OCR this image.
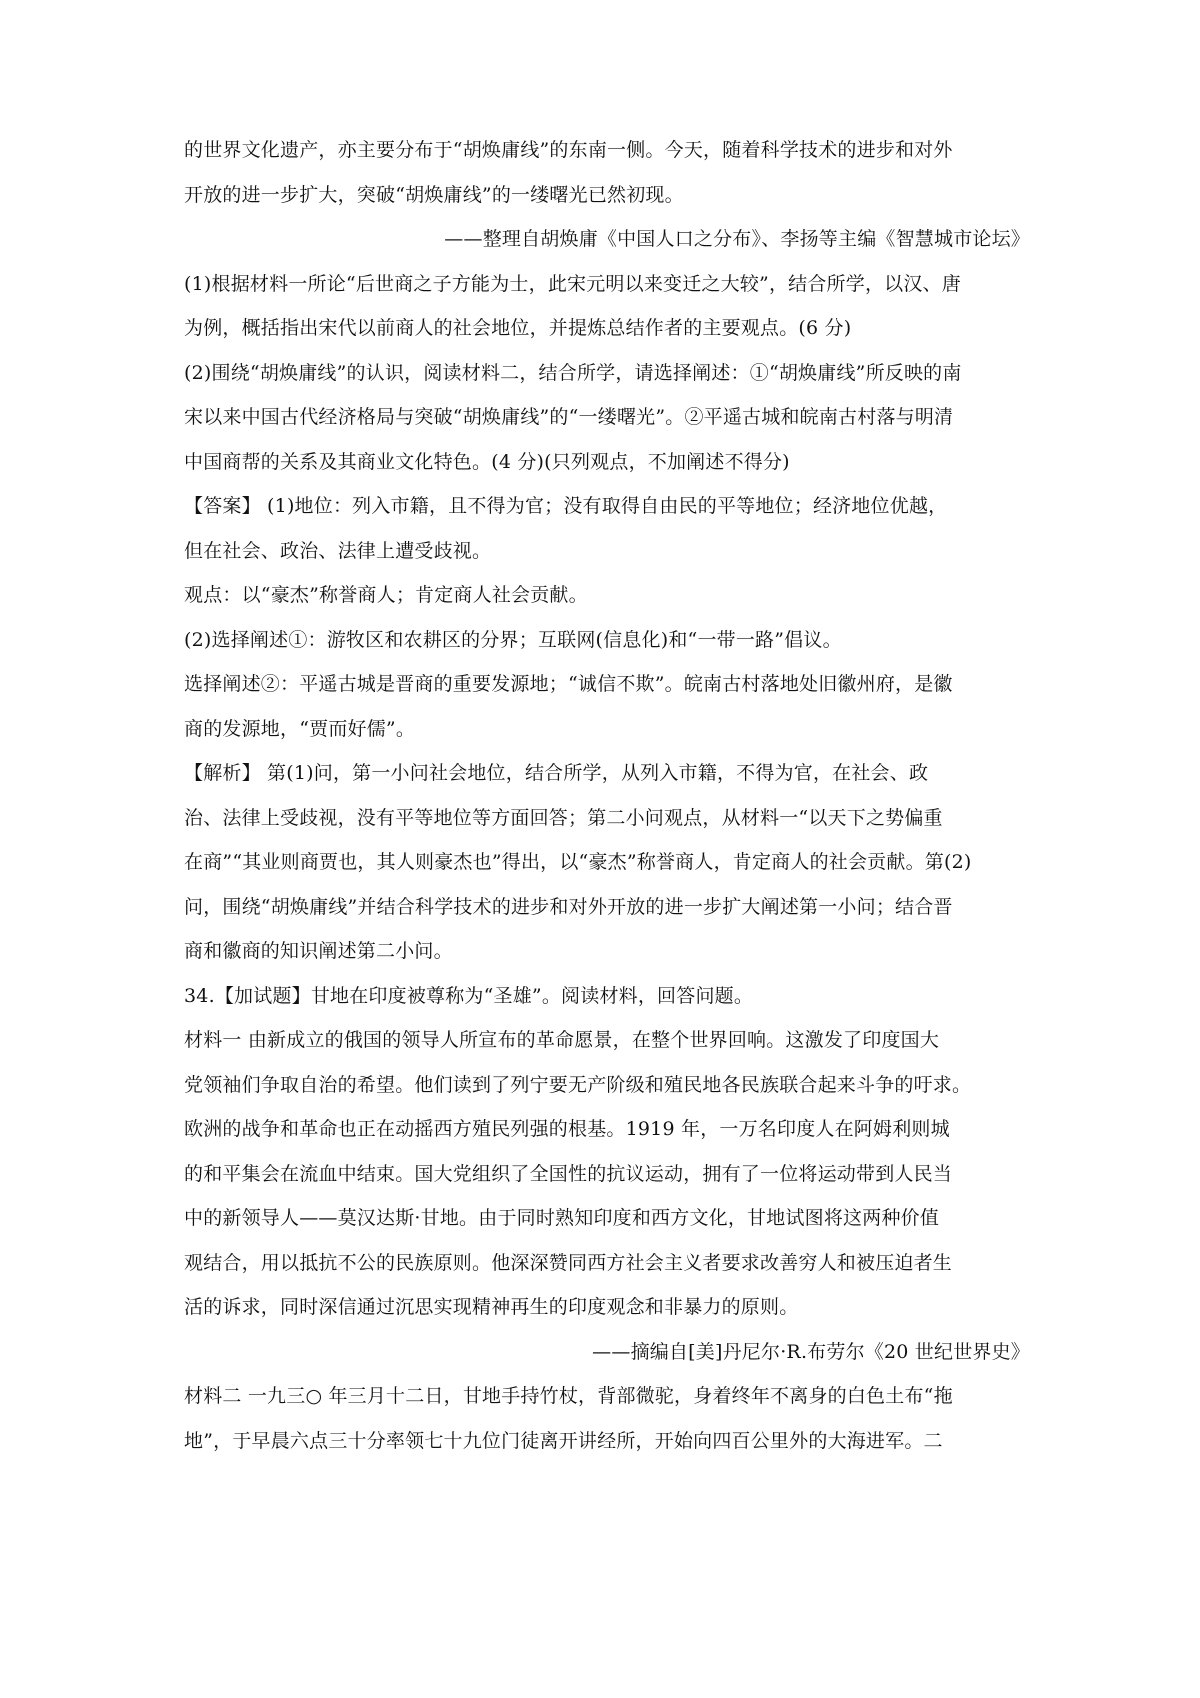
的世界文化遗产，亦主要分布于“胡焕庸线”的东南一侧。今天，随着科学技术的进步和对外
开放的进一步扩大，突破“胡焕庸线”的一缕曙光已然初现。
——整理自胡焕庸《中国人口之分布》、李扬等主编《智慧城市论坛》
(1)根据材料一所论“后世商之子方能为士，此宋元明以来变迁之大较”，结合所学，以汉、唐
为例，概括指出宋代以前商人的社会地位，并提炼总结作者的主要观点。(6 分)
(2)围绕“胡焕庸线”的认识，阅读材料二，结合所学，请选择阐述：①“胡焕庸线”所反映的南
宋以来中国古代经济格局与突破“胡焕庸线”的“一缕曙光”。②平遥古城和皖南古村落与明清
中国商帮的关系及其商业文化特色。(4 分)(只列观点，不加阐述不得分)
【答案】 (1)地位：列入市籍，且不得为官；没有取得自由民的平等地位；经济地位优越，
但在社会、政治、法律上遭受歧视。
观点：以“豪杰”称誉商人；肯定商人社会贡献。
(2)选择阐述①：游牧区和农耕区的分界；互联网(信息化)和“一带一路”倡议。
选择阐述②：平遥古城是晋商的重要发源地；“诚信不欺”。皖南古村落地处旧徽州府，是徽
商的发源地，“贾而好儒”。
【解析】 第(1)问，第一小问社会地位，结合所学，从列入市籍，不得为官，在社会、政
治、法律上受歧视，没有平等地位等方面回答；第二小问观点，从材料一“以天下之势偏重
在商”“其业则商贾也，其人则豪杰也”得出，以“豪杰”称誉商人，肯定商人的社会贡献。第(2)
问，围绕“胡焕庸线”并结合科学技术的进步和对外开放的进一步扩大阐述第一小问；结合晋
商和徽商的知识阐述第二小问。
34.【加试题】甘地在印度被尊称为“圣雄”。阅读材料，回答问题。
材料一 由新成立的俄国的领导人所宣布的革命愿景，在整个世界回响。这激发了印度国大
党领袖们争取自治的希望。他们读到了列宁要无产阶级和殖民地各民族联合起来斗争的吁求。
欧洲的战争和革命也正在动摇西方殖民列强的根基。1919 年，一万名印度人在阿姆利则城
的和平集会在流血中结束。国大党组织了全国性的抗议运动，拥有了一位将运动带到人民当
中的新领导人——莫汉达斯·甘地。由于同时熟知印度和西方文化，甘地试图将这两种价值
观结合，用以抵抗不公的民族原则。他深深赞同西方社会主义者要求改善穷人和被压迫者生
活的诉求，同时深信通过沉思实现精神再生的印度观念和非暴力的原则。
——摘编自[美]丹尼尔·R.布劳尔《20 世纪世界史》
材料二 一九三○ 年三月十二日，甘地手持竹杖，背部微驼，身着终年不离身的白色土布“拖
地”，于早晨六点三十分率领七十九位门徒离开讲经所，开始向四百公里外的大海进军。二
